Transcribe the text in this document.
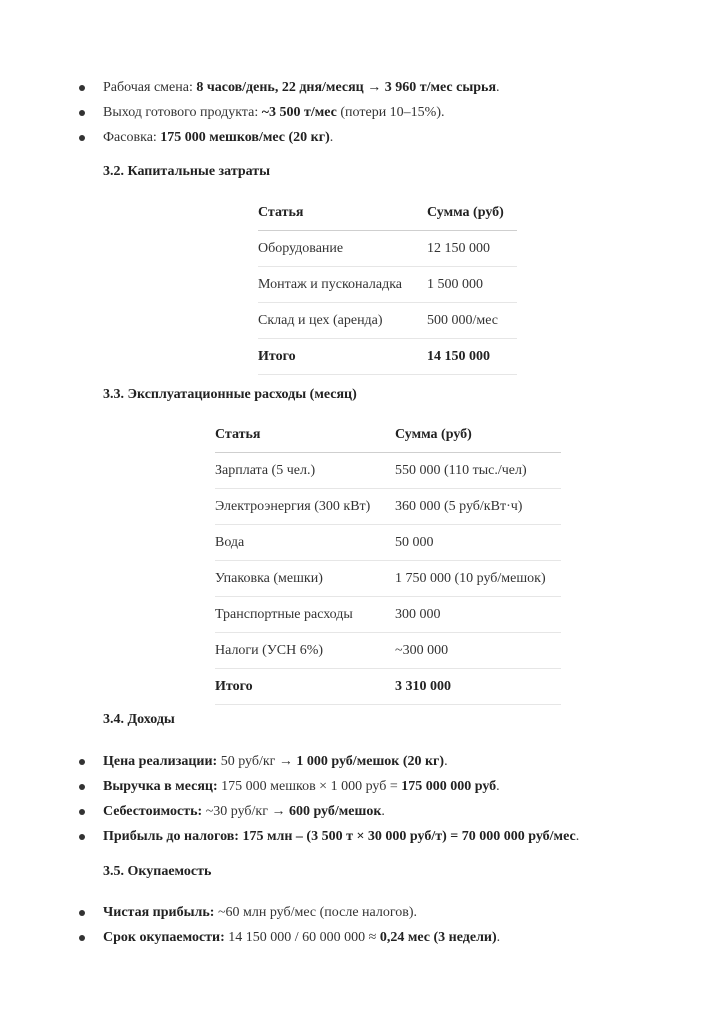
Рабочая смена: 8 часов/день, 22 дня/месяц → 3 960 т/мес сырья.
Выход готового продукта: ~3 500 т/мес (потери 10–15%).
Фасовка: 175 000 мешков/мес (20 кг).
3.2. Капитальные затраты
Статья	Сумма (руб)
Оборудование	12 150 000
Монтаж и пусконаладка	1 500 000
Склад и цех (аренда)	500 000/мес
Итого	14 150 000
3.3. Эксплуатационные расходы (месяц)
Статья	Сумма (руб)
Зарплата (5 чел.)	550 000 (110 тыс./чел)
Электроэнергия (300 кВт)	360 000 (5 руб/кВт·ч)
Вода	50 000
Упаковка (мешки)	1 750 000 (10 руб/мешок)
Транспортные расходы	300 000
Налоги (УСН 6%)	~300 000
Итого	3 310 000
3.4. Доходы
Цена реализации: 50 руб/кг → 1 000 руб/мешок (20 кг).
Выручка в месяц: 175 000 мешков × 1 000 руб = 175 000 000 руб.
Себестоимость: ~30 руб/кг → 600 руб/мешок.
Прибыль до налогов: 175 млн – (3 500 т × 30 000 руб/т) = 70 000 000 руб/мес.
3.5. Окупаемость
Чистая прибыль: ~60 млн руб/мес (после налогов).
Срок окупаемости: 14 150 000 / 60 000 000 ≈ 0,24 мес (3 недели).
